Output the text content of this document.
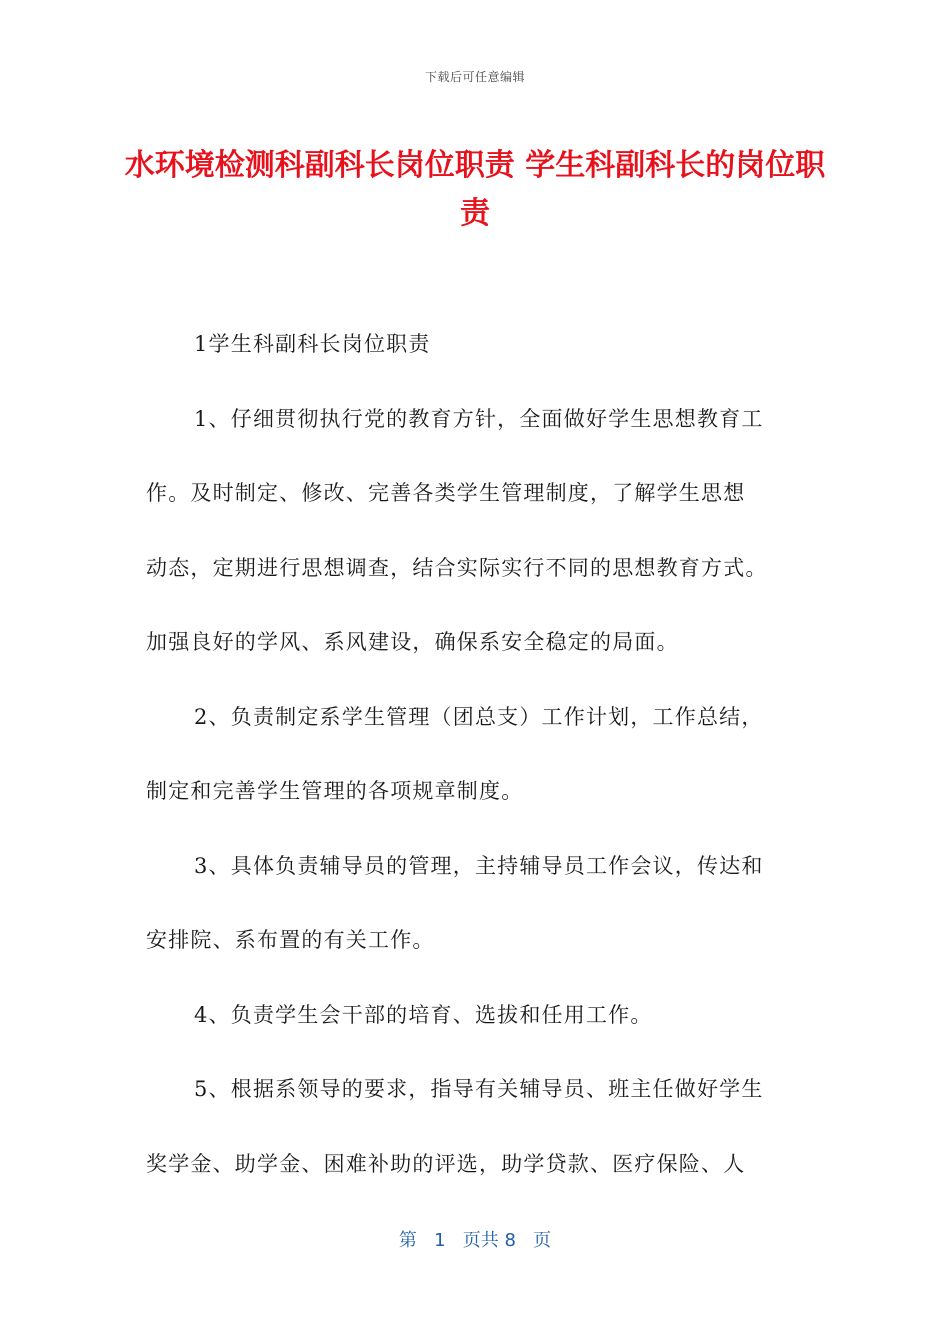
下载后可任意编辑
水环境检测科副科长岗位职责 学生科副科长的岗位职责
1学生科副科长岗位职责
1、仔细贯彻执行党的教育方针，全面做好学生思想教育工
作。及时制定、修改、完善各类学生管理制度，了解学生思想
动态，定期进行思想调查，结合实际实行不同的思想教育方式。
加强良好的学风、系风建设，确保系安全稳定的局面。
2、负责制定系学生管理（团总支）工作计划，工作总结，
制定和完善学生管理的各项规章制度。
3、具体负责辅导员的管理，主持辅导员工作会议，传达和
安排院、系布置的有关工作。
4、负责学生会干部的培育、选拔和任用工作。
5、根据系领导的要求，指导有关辅导员、班主任做好学生
奖学金、助学金、困难补助的评选，助学贷款、医疗保险、人
第 1 页共 8 页
